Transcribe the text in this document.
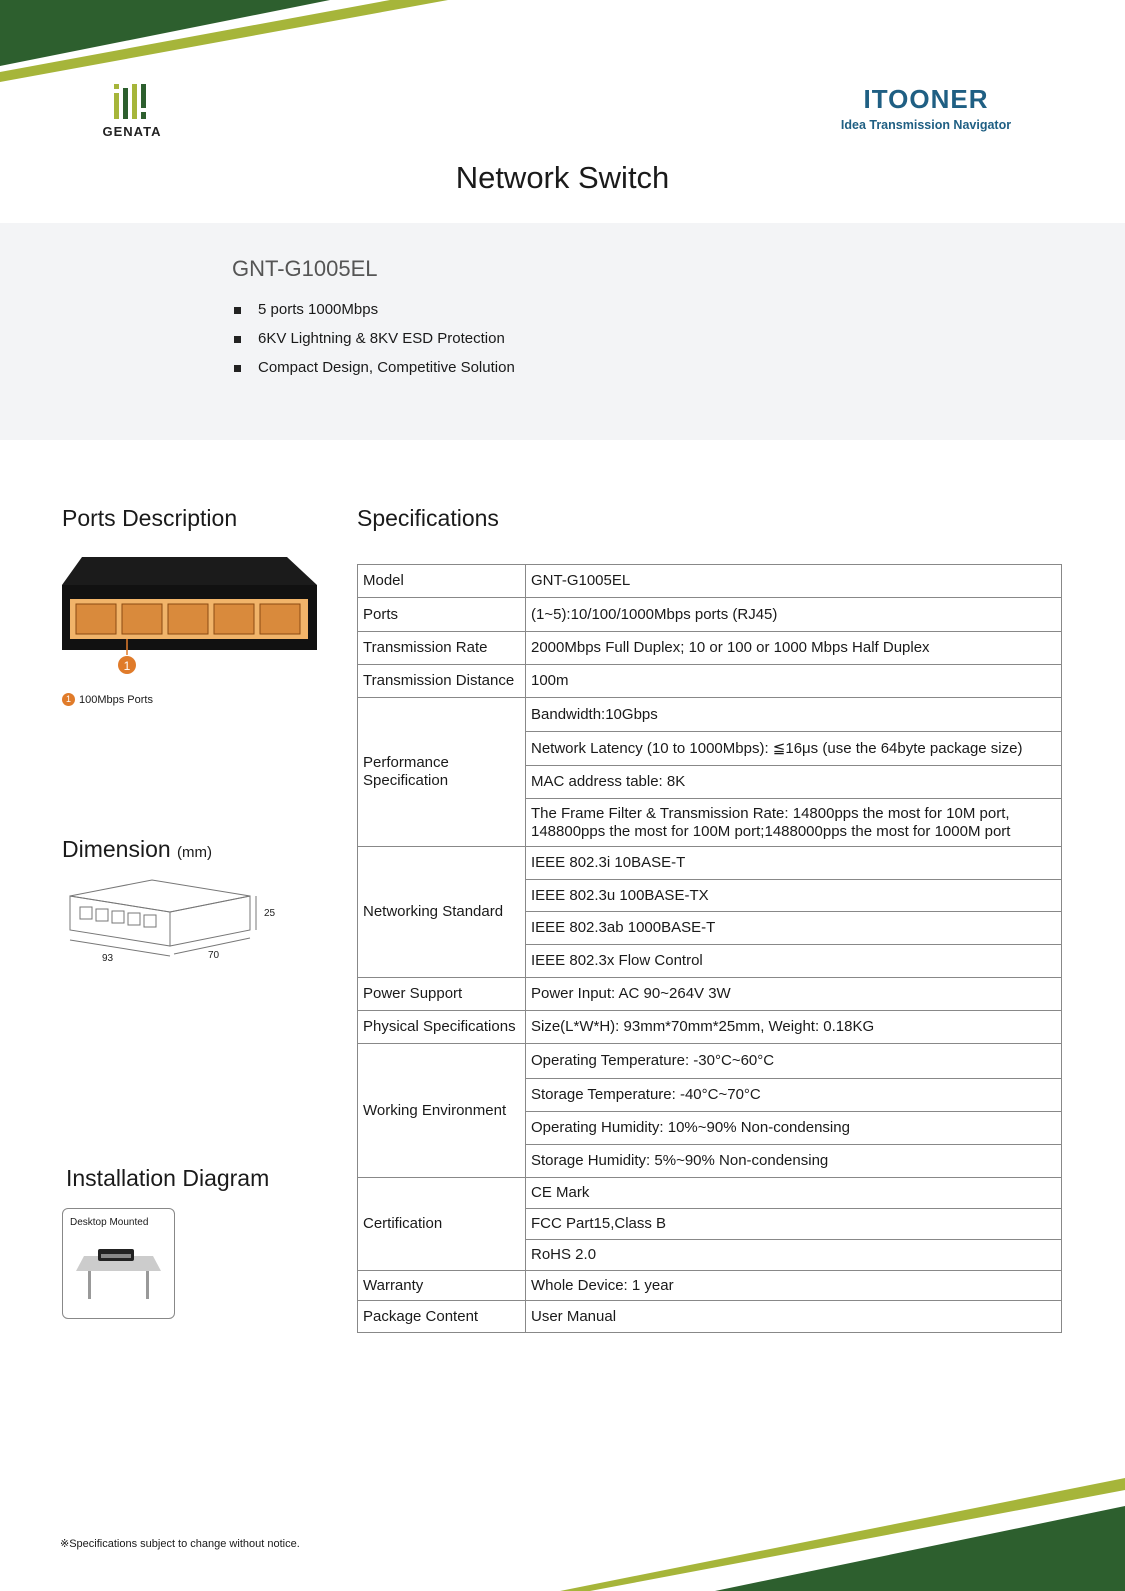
GENATA
ITOONER
Idea Transmission Navigator
Network Switch
GNT-G1005EL
5 ports 1000Mbps
6KV Lightning & 8KV ESD Protection
Compact Design, Competitive Solution
Ports Description
1
1 100Mbps Ports
Dimension (mm)
93	70
25
Installation Diagram
Desktop Mounted
Specifications
Model	GNT-G1005EL
Ports	(1~5):10/100/1000Mbps ports (RJ45)
Transmission Rate	2000Mbps Full Duplex; 10 or 100 or 1000 Mbps Half Duplex
Transmission Distance	100m
Performance Specification	Bandwidth:10Gbps
	Network Latency (10 to 1000Mbps): ≦16μs (use the 64byte package size)
	MAC address table: 8K
	The Frame Filter & Transmission Rate: 14800pps the most for 10M port, 148800pps the most for 100M port;1488000pps the most for 1000M port
Networking Standard	IEEE 802.3i 10BASE-T
	IEEE 802.3u 100BASE-TX
	IEEE 802.3ab 1000BASE-T
	IEEE 802.3x Flow Control
Power Support	Power Input: AC 90~264V 3W
Physical Specifications	Size(L*W*H): 93mm*70mm*25mm, Weight: 0.18KG
Working Environment	Operating Temperature: -30°C~60°C
	Storage Temperature: -40°C~70°C
	Operating Humidity: 10%~90% Non-condensing
	Storage Humidity: 5%~90% Non-condensing
Certification	CE Mark
	FCC Part15,Class B
	RoHS 2.0
Warranty	Whole Device: 1 year
Package Content	User Manual
※Specifications subject to change without notice.
